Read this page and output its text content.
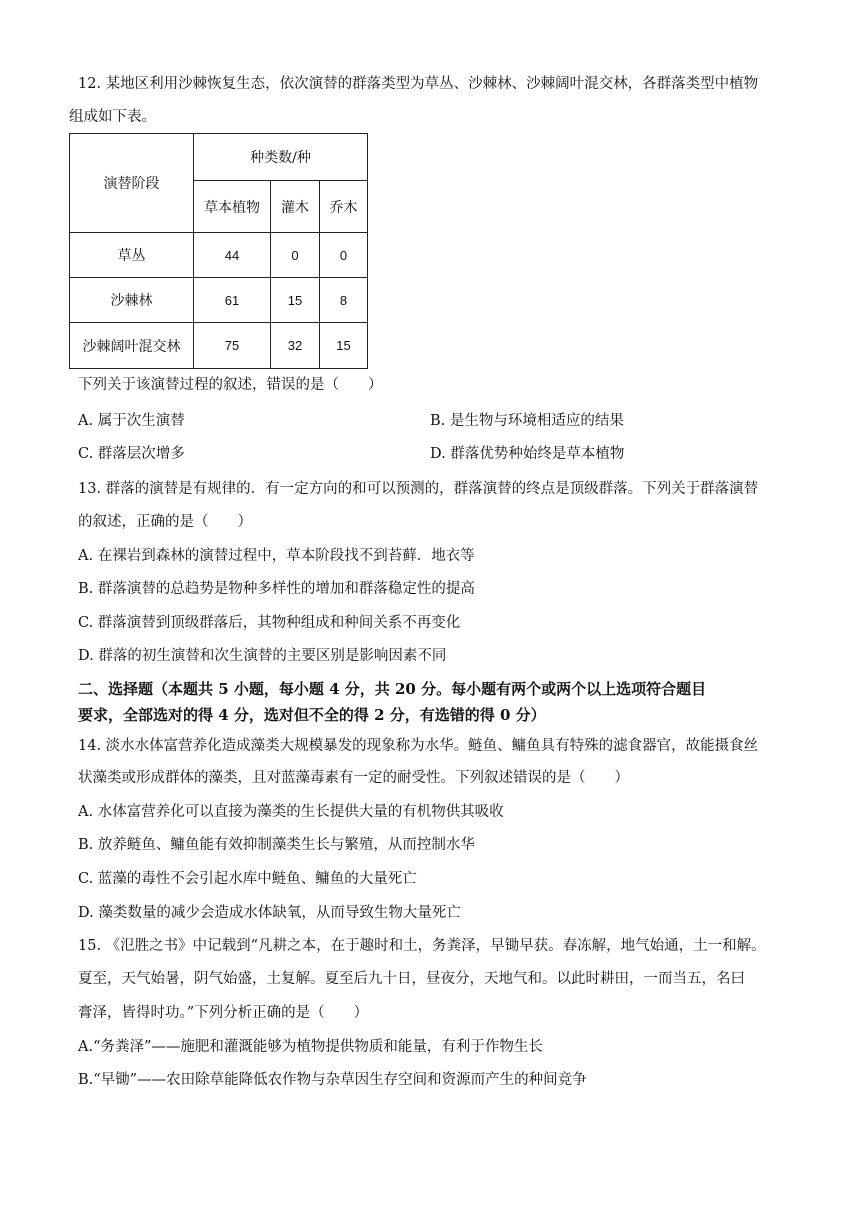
12. 某地区利用沙棘恢复生态，依次演替的群落类型为草丛、沙棘林、沙棘阔叶混交林，各群落类型中植物
组成如下表。
演替阶段	种类数/种		
	草本植物	灌木	乔木
草丛	44	0	0
沙棘林	61	15	8
沙棘阔叶混交林	75	32	15
下列关于该演替过程的叙述，错误的是（　　）
A. 属于次生演替	B. 是生物与环境相适应的结果
C. 群落层次增多	D. 群落优势种始终是草本植物
13. 群落的演替是有规律的．有一定方向的和可以预测的，群落演替的终点是顶级群落。下列关于群落演替
的叙述，正确的是（　　）
A. 在裸岩到森林的演替过程中，草本阶段找不到苔藓．地衣等
B. 群落演替的总趋势是物种多样性的增加和群落稳定性的提高
C. 群落演替到顶级群落后，其物种组成和种间关系不再变化
D. 群落的初生演替和次生演替的主要区别是影响因素不同
二、选择题（本题共 5 小题，每小题 4 分，共 20 分。每小题有两个或两个以上选项符合题目
要求，全部选对的得 4 分，选对但不全的得 2 分，有选错的得 0 分）
14. 淡水水体富营养化造成藻类大规模暴发的现象称为水华。鲢鱼、鳙鱼具有特殊的滤食器官，故能摄食丝
状藻类或形成群体的藻类，且对蓝藻毒素有一定的耐受性。下列叙述错误的是（　　）
A. 水体富营养化可以直接为藻类的生长提供大量的有机物供其吸收
B. 放养鲢鱼、鳙鱼能有效抑制藻类生长与繁殖，从而控制水华
C. 蓝藻的毒性不会引起水库中鲢鱼、鳙鱼的大量死亡
D. 藻类数量的减少会造成水体缺氧，从而导致生物大量死亡
15. 《氾胜之书》中记载到“凡耕之本，在于趣时和土，务粪泽，早锄早获。春冻解，地气始通，土一和解。
夏至，天气始暑，阴气始盛，土复解。夏至后九十日，昼夜分，天地气和。以此时耕田，一而当五，名曰
膏泽，皆得时功。”下列分析正确的是（　　）
A.“务粪泽”——施肥和灌溉能够为植物提供物质和能量，有利于作物生长
B.“早锄”——农田除草能降低农作物与杂草因生存空间和资源而产生的种间竞争
